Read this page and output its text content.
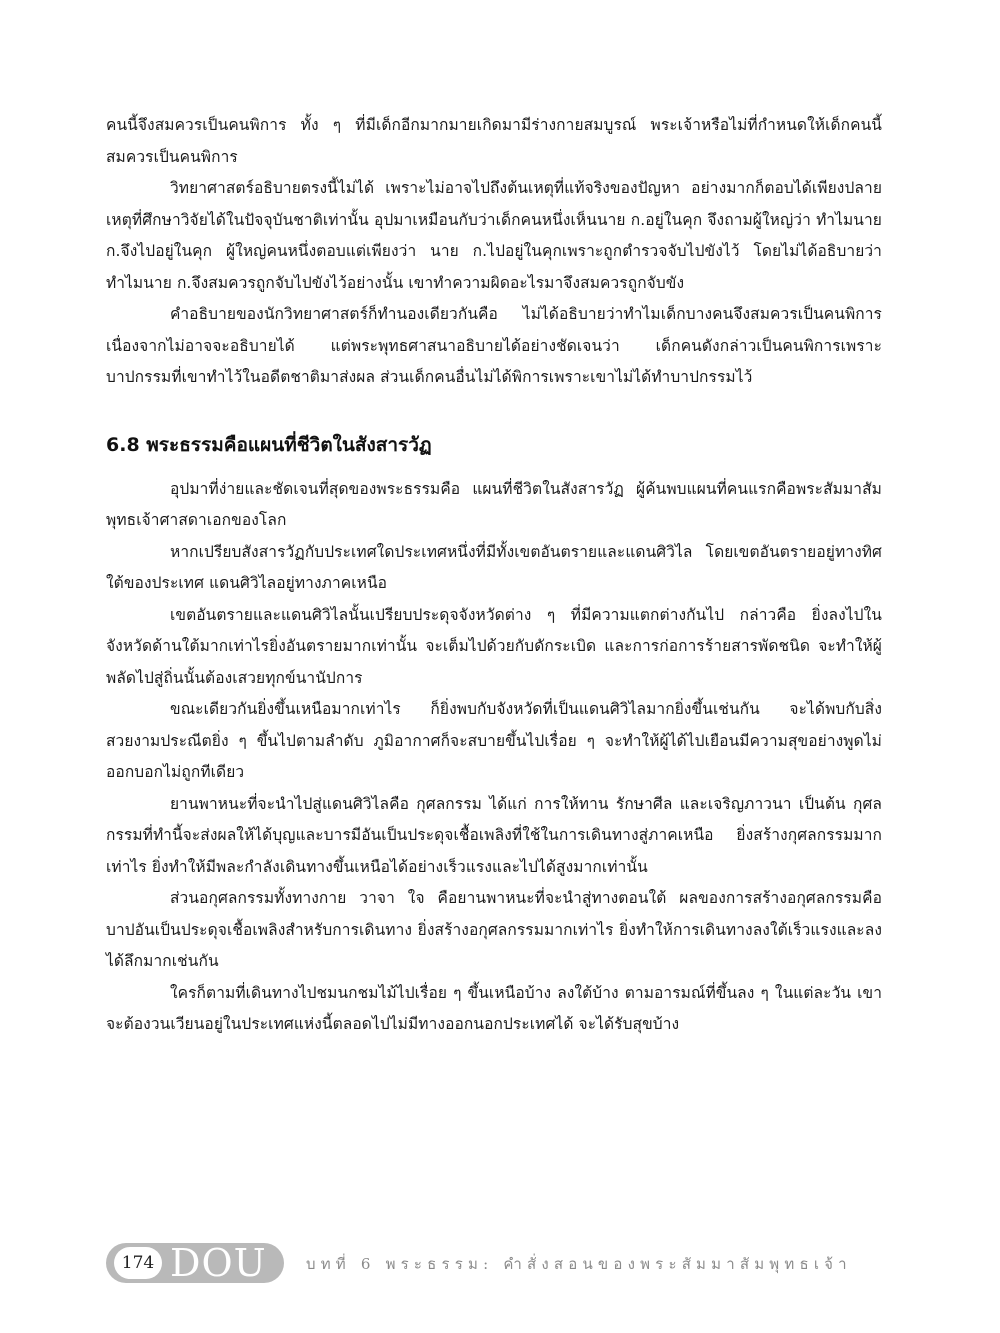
คนนี้จึงสมควรเป็นคนพิการ ทั้ง ๆ ที่มีเด็กอีกมากมายเกิดมามีร่างกายสมบูรณ์ พระเจ้าหรือไม่ที่กำหนดให้เด็กคนนี้สมควรเป็นคนพิการ

วิทยาศาสตร์อธิบายตรงนี้ไม่ได้ เพราะไม่อาจไปถึงต้นเหตุที่แท้จริงของปัญหา อย่างมากก็ตอบได้เพียงปลายเหตุที่ศึกษาวิจัยได้ในปัจจุบันชาติเท่านั้น อุปมาเหมือนกับว่าเด็กคนหนึ่งเห็นนาย ก.อยู่ในคุก จึงถามผู้ใหญ่ว่า ทำไมนาย ก.จึงไปอยู่ในคุก ผู้ใหญ่คนหนึ่งตอบแต่เพียงว่า นาย ก.ไปอยู่ในคุกเพราะถูกตำรวจจับไปขังไว้ โดยไม่ได้อธิบายว่า ทำไมนาย ก.จึงสมควรถูกจับไปขังไว้อย่างนั้น เขาทำความผิดอะไรมาจึงสมควรถูกจับขัง

คำอธิบายของนักวิทยาศาสตร์ก็ทำนองเดียวกันคือ ไม่ได้อธิบายว่าทำไมเด็กบางคนจึงสมควรเป็นคนพิการ เนื่องจากไม่อาจจะอธิบายได้ แต่พระพุทธศาสนาอธิบายได้อย่างชัดเจนว่า เด็กคนดังกล่าวเป็นคนพิการเพราะบาปกรรมที่เขาทำไว้ในอดีตชาติมาส่งผล ส่วนเด็กคนอื่นไม่ได้พิการเพราะเขาไม่ได้ทำบาปกรรมไว้

6.8 พระธรรมคือแผนที่ชีวิตในสังสารวัฏ

อุปมาที่ง่ายและชัดเจนที่สุดของพระธรรมคือ แผนที่ชีวิตในสังสารวัฏ ผู้ค้นพบแผนที่คนแรกคือพระสัมมาสัมพุทธเจ้าศาสดาเอกของโลก

หากเปรียบสังสารวัฏกับประเทศใดประเทศหนึ่งที่มีทั้งเขตอันตรายและแดนศิวิไล โดยเขตอันตรายอยู่ทางทิศใต้ของประเทศ แดนศิวิไลอยู่ทางภาคเหนือ

เขตอันตรายและแดนศิวิไลนั้นเปรียบประดุจจังหวัดต่าง ๆ ที่มีความแตกต่างกันไป กล่าวคือ ยิ่งลงไปในจังหวัดด้านใต้มากเท่าไรยิ่งอันตรายมากเท่านั้น จะเต็มไปด้วยกับดักระเบิด และการก่อการร้ายสารพัดชนิด จะทำให้ผู้พลัดไปสู่ถิ่นนั้นต้องเสวยทุกข์นานัปการ

ขณะเดียวกันยิ่งขึ้นเหนือมากเท่าไร ก็ยิ่งพบกับจังหวัดที่เป็นแดนศิวิไลมากยิ่งขึ้นเช่นกัน จะได้พบกับสิ่งสวยงามประณีตยิ่ง ๆ ขึ้นไปตามลำดับ ภูมิอากาศก็จะสบายขึ้นไปเรื่อย ๆ จะทำให้ผู้ได้ไปเยือนมีความสุขอย่างพูดไม่ออกบอกไม่ถูกทีเดียว

ยานพาหนะที่จะนำไปสู่แดนศิวิไลคือ กุศลกรรม ได้แก่ การให้ทาน รักษาศีล และเจริญภาวนา เป็นต้น กุศลกรรมที่ทำนี้จะส่งผลให้ได้บุญและบารมีอันเป็นประดุจเชื้อเพลิงที่ใช้ในการเดินทางสู่ภาคเหนือ ยิ่งสร้างกุศลกรรมมากเท่าไร ยิ่งทำให้มีพละกำลังเดินทางขึ้นเหนือได้อย่างเร็วแรงและไปได้สูงมากเท่านั้น

ส่วนอกุศลกรรมทั้งทางกาย วาจา ใจ คือยานพาหนะที่จะนำสู่ทางตอนใต้ ผลของการสร้างอกุศลกรรมคือ บาปอันเป็นประดุจเชื้อเพลิงสำหรับการเดินทาง ยิ่งสร้างอกุศลกรรมมากเท่าไร ยิ่งทำให้การเดินทางลงใต้เร็วแรงและลงได้ลึกมากเช่นกัน

ใครก็ตามที่เดินทางไปชมนกชมไม้ไปเรื่อย ๆ ขึ้นเหนือบ้าง ลงใต้บ้าง ตามอารมณ์ที่ขึ้นลง ๆ ในแต่ละวัน เขาจะต้องวนเวียนอยู่ในประเทศแห่งนี้ตลอดไปไม่มีทางออกนอกประเทศได้ จะได้รับสุขบ้าง

174 DOU	บทที่ 6 พระธรรม: คำสั่งสอนของพระสัมมาสัมพุทธเจ้า
